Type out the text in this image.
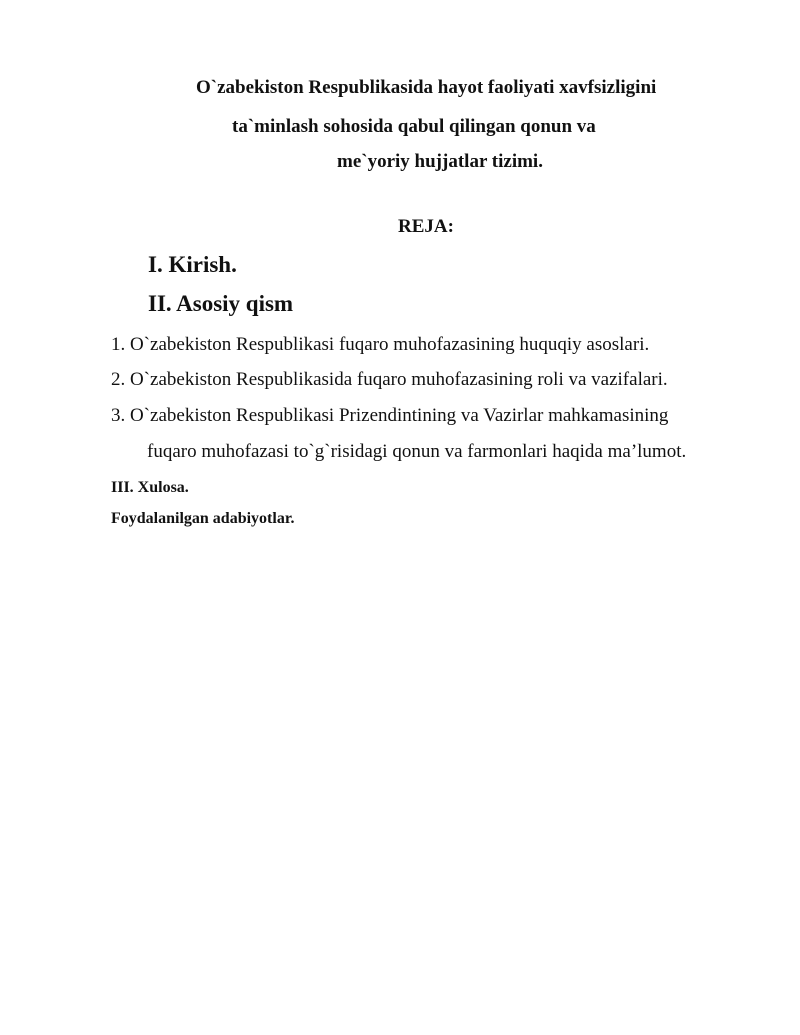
O`zabekiston Respublikasida hayot faoliyati xavfsizligini
ta`minlash sohosida qabul qilingan qonun va
me`yoriy hujjatlar tizimi.
REJA:
I. Kirish.
II. Asosiy qism
1. O`zabekiston Respublikasi fuqaro muhofazasining huquqiy asoslari.
2. O`zabekiston Respublikasida fuqaro muhofazasining roli va vazifalari.
3. O`zabekiston Respublikasi Prizendintining va Vazirlar mahkamasining
fuqaro muhofazasi to`g`risidagi qonun va farmonlari haqida ma’lumot.
III. Xulosa.
Foydalanilgan adabiyotlar.
